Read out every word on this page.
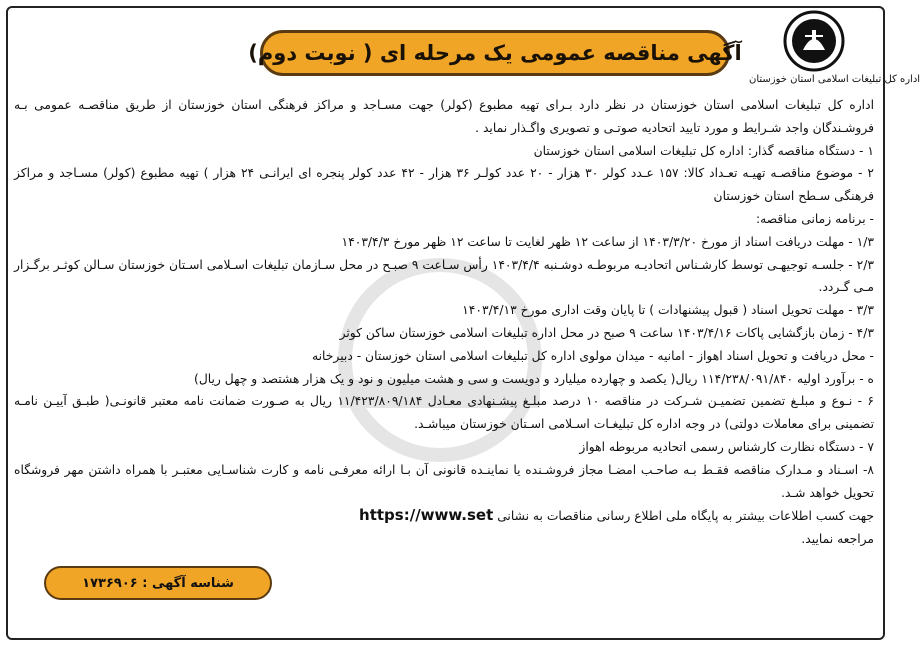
اداره کل تبلیغات اسلامی استان خوزستان
آگهی مناقصه عمومی یک مرحله ای ( نوبت دوم)

اداره کل تبلیغات اسلامی استان خوزستان در نظر دارد بـرای تهیه مطبوع (کولر) جهت مسـاجد و مراکز فرهنگی استان خوزستان از طریق مناقصـه عمومی بـه فروشـندگان واجد شـرایط و مورد تایید اتحادیه صوتـی و تصویری واگـذار نماید .

۱ - دستگاه مناقصه گذار: اداره کل تبلیغات اسلامی استان خوزستان

۲ - موضوع مناقصـه تهیـه تعـداد کالا: ۱۵۷ عـدد کولر ۳۰ هزار - ۲۰ عدد کولـر ۳۶ هزار - ۴۲ عدد کولر پنجره ای ایرانـی ۲۴ هزار ) تهیه مطبوع (کولر) مسـاجد و مراکز فرهنگی سـطح استان خوزستان

- برنامه زمانی مناقصه:

۱/۳ - مهلت دریافت اسناد از مورخ ۱۴۰۳/۳/۲۰ از ساعت ۱۲ ظهر لغایت تا ساعت ۱۲ ظهر مورخ ۱۴۰۳/۴/۳

۲/۳ - جلسـه توجیهـی توسط کارشـناس اتحادیـه مربوطـه دوشـنبه ۱۴۰۳/۴/۴ رأس سـاعت ۹ صبـح در محل سـازمان تبلیغات اسـلامی اسـتان خوزستان سـالن کوثـر برگـزار مـی گـردد.

۳/۳ - مهلت تحویل اسناد ( قبول پیشنهادات ) تا پایان وقت اداری مورخ ۱۴۰۳/۴/۱۳

۴/۳ - زمان بازگشایی پاکات ۱۴۰۳/۴/۱۶ ساعت ۹ صبح در محل اداره تبلیغات اسلامی خوزستان ساکن کوثر

- محل دریافت و تحویل اسناد اهواز - امانیه - میدان مولوی اداره کل تبلیغات اسلامی استان خوزستان - دبیرخانه

ه - برآورد اولیه ۱۱۴/۲۳۸/۰۹۱/۸۴۰ ریال( یکصد و چهارده میلیارد و دویست و سی و هشت میلیون و نود و یک هزار هشتصد و چهل ریال)

۶ - نـوع و مبلـغ تضمین تضمیـن شـرکت در مناقصه ۱۰ درصد مبلـغ پیشـنهادی معـادل ۱۱/۴۲۳/۸۰۹/۱۸۴ ریال به صـورت ضمانت نامه معتبر قانونـی( طبـق آییـن نامـه تضمینی برای معاملات دولتی) در وجه اداره کل تبلیغـات اسـلامی اسـتان خوزستان میباشـد.

۷ - دستگاه نظارت کارشناس رسمی اتحادیه مربوطه اهواز

۸- اسـناد و مـدارک مناقصه فقـط بـه صاحـب امضـا مجاز فروشـنده یا نماینـده قانونی آن بـا ارائه معرفـی نامه و کارت شناسـایی معتبـر با همراه داشتن مهر فروشگاه تحویل خواهد شـد.

جهت کسب اطلاعات بیشتر به پایگاه ملی اطلاع رسانی مناقصات به نشانی https://www.set
مراجعه نمایید.

شناسه آگهی : ۱۷۳۶۹۰۶
